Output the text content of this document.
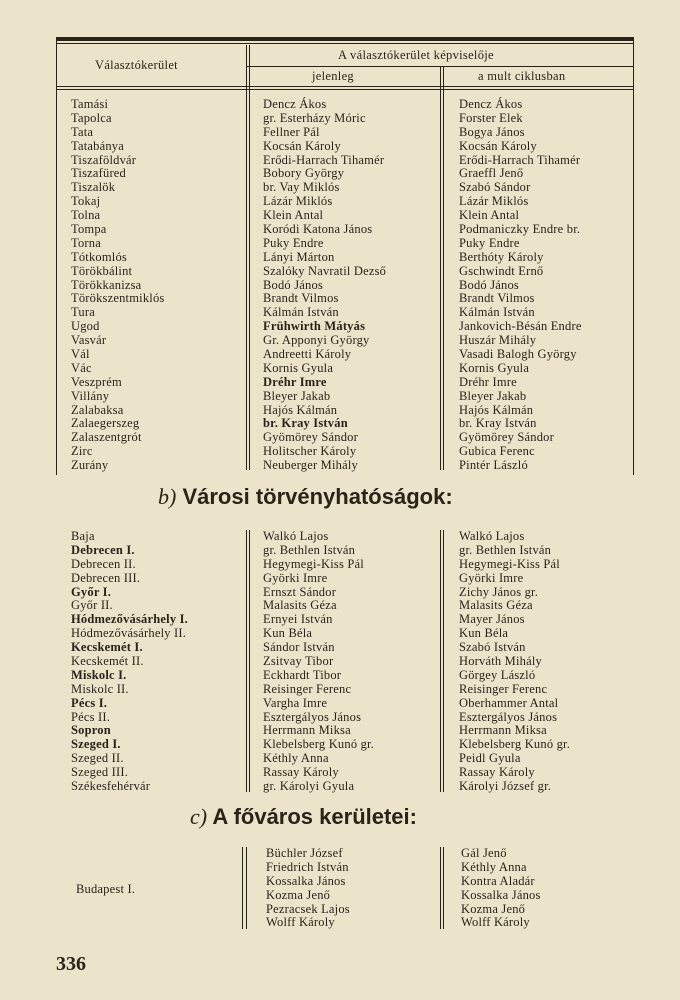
Választókerület
A választókerület képviselője
jelenleg	a mult ciklusban
Tamási
Tapolca
Tata
Tatabánya
Tiszaföldvár
Tiszafüred
Tiszalök
Tokaj
Tolna
Tompa
Torna
Tótkomlós
Törökbálint
Törökkanizsa
Törökszentmiklós
Tura
Ugod
Vasvár
Vál
Vác
Veszprém
Villány
Zalabaksa
Zalaegerszeg
Zalaszentgrót
Zirc
Zurány
Dencz Ákos
gr. Esterházy Móric
Fellner Pál
Kocsán Károly
Erődi-Harrach Tihamér
Bobory György
br. Vay Miklós
Lázár Miklós
Klein Antal
Koródi Katona János
Puky Endre
Lányi Márton
Szalóky Navratil Dezső
Bodó János
Brandt Vilmos
Kálmán István
Frühwirth Mátyás
Gr. Apponyi György
Andreetti Károly
Kornis Gyula
Dréhr Imre
Bleyer Jakab
Hajós Kálmán
br. Kray István
Gyömörey Sándor
Holitscher Károly
Neuberger Mihály
Dencz Ákos
Forster Elek
Bogya János
Kocsán Károly
Erődi-Harrach Tihamér
Graeffl Jenő
Szabó Sándor
Lázár Miklós
Klein Antal
Podmaniczky Endre br.
Puky Endre
Berthóty Károly
Gschwindt Ernő
Bodó János
Brandt Vilmos
Kálmán István
Jankovich-Bésán Endre
Huszár Mihály
Vasadi Balogh György
Kornis Gyula
Dréhr Imre
Bleyer Jakab
Hajós Kálmán
br. Kray István
Gyömörey Sándor
Gubica Ferenc
Pintér László
b) Városi törvényhatóságok:
Baja
Debrecen I.
Debrecen II.
Debrecen III.
Győr I.
Győr II.
Hódmezővásárhely I.
Hódmezővásárhely II.
Kecskemét I.
Kecskemét II.
Miskolc I.
Miskolc II.
Pécs I.
Pécs II.
Sopron
Szeged I.
Szeged II.
Szeged III.
Székesfehérvár
Walkó Lajos
gr. Bethlen István
Hegymegi-Kiss Pál
Györki Imre
Ernszt Sándor
Malasits Géza
Ernyei István
Kun Béla
Sándor István
Zsitvay Tibor
Eckhardt Tibor
Reisinger Ferenc
Vargha Imre
Esztergályos János
Herrmann Miksa
Klebelsberg Kunó gr.
Kéthly Anna
Rassay Károly
gr. Károlyi Gyula
Walkó Lajos
gr. Bethlen István
Hegymegi-Kiss Pál
Györki Imre
Zichy János gr.
Malasits Géza
Mayer János
Kun Béla
Szabó István
Horváth Mihály
Görgey László
Reisinger Ferenc
Oberhammer Antal
Esztergályos János
Herrmann Miksa
Klebelsberg Kunó gr.
Peidl Gyula
Rassay Károly
Károlyi József gr.
c) A főváros kerületei:
Budapest I.
Büchler József
Friedrich István
Kossalka János
Kozma Jenő
Pezracsek Lajos
Wolff Károly
Gál Jenő
Kéthly Anna
Kontra Aladár
Kossalka János
Kozma Jenő
Wolff Károly
336
